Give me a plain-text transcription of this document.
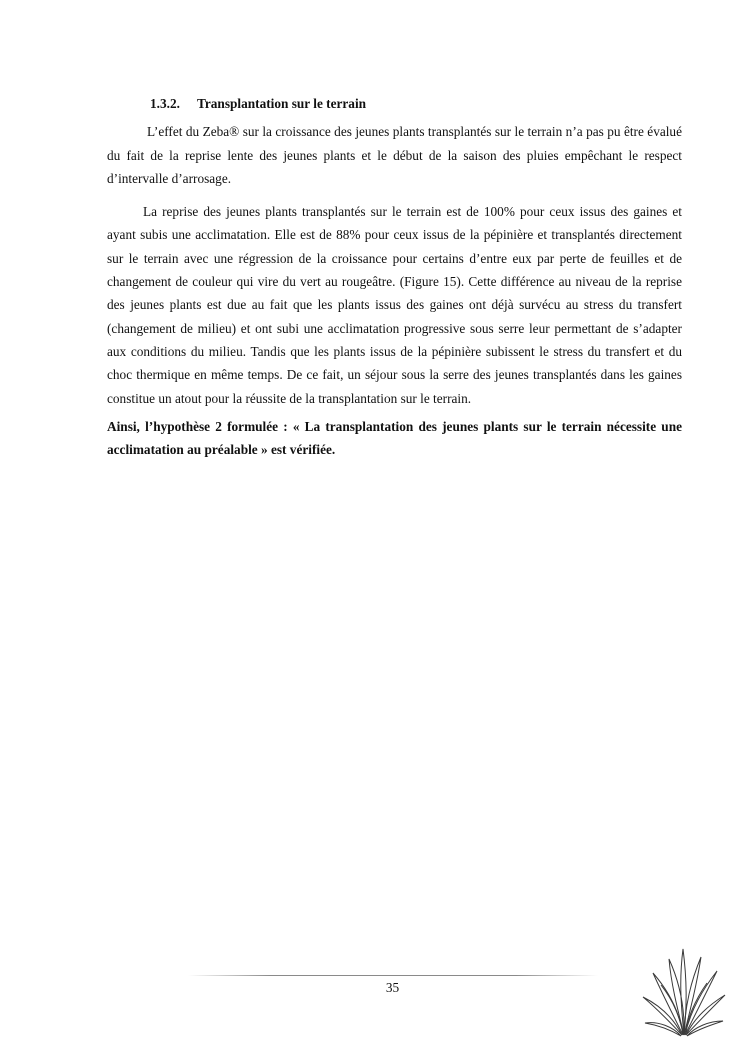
1.3.2. Transplantation sur le terrain

L’effet du Zeba® sur la croissance des jeunes plants transplantés sur le terrain n’a pas pu être évalué du fait de la reprise lente des jeunes plants et le début de la saison des pluies empêchant le respect d’intervalle d’arrosage.

La reprise des jeunes plants transplantés sur le terrain est de 100% pour ceux issus des gaines et ayant subis une acclimatation. Elle est de 88% pour ceux issus de la pépinière et transplantés directement sur le terrain avec une régression de la croissance pour certains d’entre eux par perte de feuilles et de changement de couleur qui vire du vert au rougeâtre. (Figure 15). Cette différence au niveau de la reprise des jeunes plants est due au fait que les plants issus des gaines ont déjà survécu au stress du transfert (changement de milieu) et ont subi une acclimatation progressive sous serre leur permettant de s’adapter aux conditions du milieu. Tandis que les plants issus de la pépinière subissent le stress du transfert et du choc thermique en même temps. De ce fait, un séjour sous la serre des jeunes transplantés dans les gaines constitue un atout pour la réussite de la transplantation sur le terrain.

Ainsi, l’hypothèse 2 formulée : « La transplantation des jeunes plants sur le terrain nécessite une acclimatation au préalable » est vérifiée.

35
